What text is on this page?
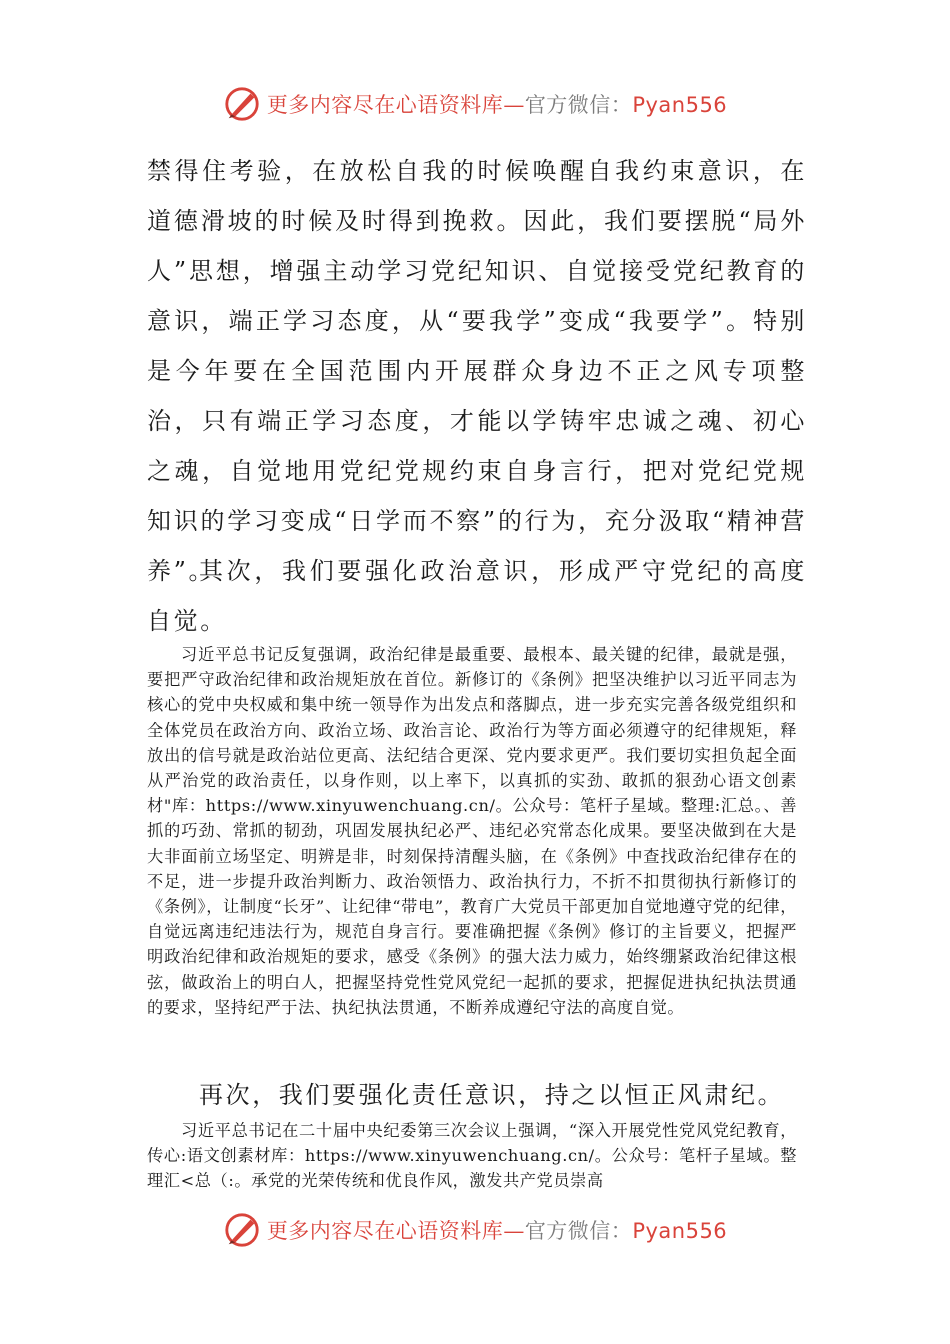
更多内容尽在心语资料库—官方微信：Pyan556

禁得住考验，在放松自我的时候唤醒自我约束意识，在道德滑坡的时候及时得到挽救。因此，我们要摆脱“局外人”思想，增强主动学习党纪知识、自觉接受党纪教育的意识，端正学习态度，从“要我学”变成“我要学”。特别是今年要在全国范围内开展群众身边不正之风专项整治，只有端正学习态度，才能以学铸牢忠诚之魂、初心之魂，自觉地用党纪党规约束自身言行，把对党纪党规知识的学习变成“日学而不察”的行为，充分汲取“精神营养”。

其次，我们要强化政治意识，形成严守党纪的高度自觉。

习近平总书记反复强调，政治纪律是最重要、最根本、最关键的纪律，最就是强，要把严守政治纪律和政治规矩放在首位。新修订的《条例》把坚决维护以习近平同志为核心的党中央权威和集中统一领导作为出发点和落脚点，进一步充实完善各级党组织和全体党员在政治方向、政治立场、政治言论、政治行为等方面必须遵守的纪律规矩，释放出的信号就是政治站位更高、法纪结合更深、党内要求更严。我们要切实担负起全面从严治党的政治责任，以身作则，以上率下，以真抓的实劲、敢抓的狠劲心语文创素材"库：https://www.xinyuwenchuang.cn/。公众号：笔杆子星域。整理:汇总。、善抓的巧劲、常抓的韧劲，巩固发展执纪必严、违纪必究常态化成果。要坚决做到在大是大非面前立场坚定、明辨是非，时刻保持清醒头脑，在《条例》中查找政治纪律存在的不足，进一步提升政治判断力、政治领悟力、政治执行力，不折不扣贯彻执行新修订的《条例》，让制度“长牙”、让纪律“带电”，教育广大党员干部更加自觉地遵守党的纪律，自觉远离违纪违法行为，规范自身言行。要准确把握《条例》修订的主旨要义，把握严明政治纪律和政治规矩的要求，感受《条例》的强大法力威力，始终绷紧政治纪律这根弦，做政治上的明白人，把握坚持党性党风党纪一起抓的要求，把握促进执纪执法贯通的要求，坚持纪严于法、执纪执法贯通，不断养成遵纪守法的高度自觉。

再次，我们要强化责任意识，持之以恒正风肃纪。

习近平总书记在二十届中央纪委第三次会议上强调，“深入开展党性党风党纪教育，传心:语文创素材库：https://www.xinyuwenchuang.cn/。公众号：笔杆子星域。整理汇<总（:。承党的光荣传统和优良作风，激发共产党员崇高

更多内容尽在心语资料库—官方微信：Pyan556
